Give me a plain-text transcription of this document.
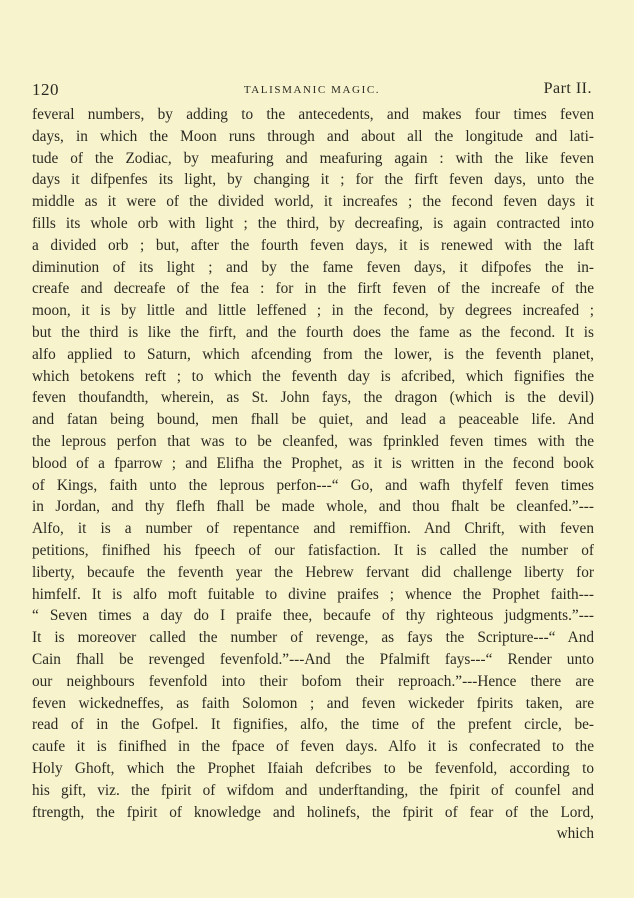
120	TALISMANIC MAGIC.	Part II.
feveral numbers, by adding to the antecedents, and makes four times feven
days, in which the Moon runs through and about all the longitude and lati-
tude of the Zodiac, by meafuring and meafuring again : with the like feven
days it difpenfes its light, by changing it ; for the firft feven days, unto the
middle as it were of the divided world, it increafes ; the fecond feven days it
fills its whole orb with light ; the third, by decreafing, is again contracted into
a divided orb ; but, after the fourth feven days, it is renewed with the laft
diminution of its light ; and by the fame feven days, it difpofes the in-
creafe and decreafe of the fea : for in the firft feven of the increafe of the
moon, it is by little and little leffened ; in the fecond, by degrees increafed ;
but the third is like the firft, and the fourth does the fame as the fecond. It is
alfo applied to Saturn, which afcending from the lower, is the feventh planet,
which betokens reft ; to which the feventh day is afcribed, which fignifies the
feven thoufandth, wherein, as St. John fays, the dragon (which is the devil)
and fatan being bound, men fhall be quiet, and lead a peaceable life. And
the leprous perfon that was to be cleanfed, was fprinkled feven times with the
blood of a fparrow ; and Elifha the Prophet, as it is written in the fecond book
of Kings, faith unto the leprous perfon---“ Go, and wafh thyfelf feven times
in Jordan, and thy flefh fhall be made whole, and thou fhalt be cleanfed.”---
Alfo, it is a number of repentance and remiffion. And Chrift, with feven
petitions, finifhed his fpeech of our fatisfaction. It is called the number of
liberty, becaufe the feventh year the Hebrew fervant did challenge liberty for
himfelf. It is alfo moft fuitable to divine praifes ; whence the Prophet faith---
“ Seven times a day do I praife thee, becaufe of thy righteous judgments.”---
It is moreover called the number of revenge, as fays the Scripture---“ And
Cain fhall be revenged fevenfold.”---And the Pfalmift fays---“ Render unto
our neighbours fevenfold into their bofom their reproach.”---Hence there are
feven wickedneffes, as faith Solomon ; and feven wickeder fpirits taken, are
read of in the Gofpel. It fignifies, alfo, the time of the prefent circle, be-
caufe it is finifhed in the fpace of feven days. Alfo it is confecrated to the
Holy Ghoft, which the Prophet Ifaiah defcribes to be fevenfold, according to
his gift, viz. the fpirit of wifdom and underftanding, the fpirit of counfel and
ftrength, the fpirit of knowledge and holinefs, the fpirit of fear of the Lord,
which
